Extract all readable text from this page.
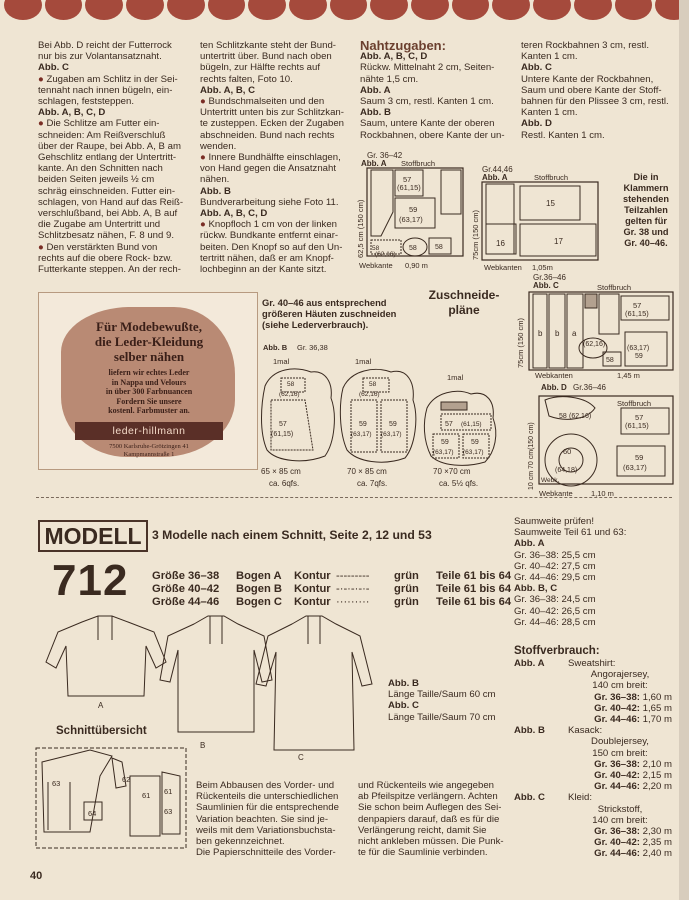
Bei Abb. D reicht der Futterrock

nur bis zur Volantansatznaht.

Abb. C

● Zugaben am Schlitz in der Sei-

tennaht nach innen bügeln, ein-

schlagen, feststeppen.

Abb. A, B, C, D

● Die Schlitze am Futter ein-

schneiden: Am Reißverschluß

über der Raupe, bei Abb. A, B am

Gehschlitz entlang der Untertritt-

kante. An den Schnitten nach

beiden Seiten jeweils ½ cm

schräg einschneiden. Futter ein-

schlagen, von Hand auf das Reiß-

verschlußband, bei Abb. A, B auf

die Zugabe am Untertritt und

Schlitzbesatz nähen, F. 8 und 9.

● Den verstärkten Bund von

rechts auf die obere Rock- bzw.

Futterkante steppen. An der rech-

ten Schlitzkante steht der Bund-

untertritt über. Bund nach oben

bügeln, zur Hälfte rechts auf

rechts falten, Foto 10.

Abb. A, B, C

● Bundschmalseiten und den

Untertritt unten bis zur Schlitzkan-

te zusteppen. Ecken der Zugaben

abschneiden. Bund nach rechts

wenden.

● Innere Bundhälfte einschlagen,

von Hand gegen die Ansatznaht

nähen.

Abb. B

Bundverarbeitung siehe Foto 11.

Abb. A, B, C, D

● Knopfloch 1 cm von der linken

rückw. Bundkante entfernt einar-

beiten. Den Knopf so auf den Un-

tertritt nähen, daß er am Knopf-

lochbeginn an der Kante sitzt.

Nahtzugaben:

Abb. A, B, C, D

Rückw. Mittelnaht 2 cm, Seiten-

nähte 1,5 cm.

Abb. A

Saum 3 cm, restl. Kanten 1 cm.

Abb. B

Saum, untere Kante der oberen

Rockbahnen, obere Kante der un-

teren Rockbahnen 3 cm, restl.

Kanten 1 cm.

Abb. C

Untere Kante der Rockbahnen,

Saum und obere Kante der Stoff-

bahnen für den Plissee 3 cm, restl.

Kanten 1 cm.

Abb. D

Restl. Kanten 1 cm.

Die in
Klammern
stehenden
Teilzahlen
gelten für
Gr. 38 und
Gr. 40–46.
Gr. 36–42
Abb. A Stoffbruch
57
(61,15)
59
(63,17)
58
(62,16)
58	58
62,5 cm (150 cm)
Webkante 0,90 m
Gr.44,46
Abb. A	Stoffbruch
15
16	17
75cm (150 cm)
Webkanten 1,05m
Für Modebewußte,
die Leder-Kleidung
selber nähen
liefern wir echtes Leder
in Nappa und Velours
in über 300 Farbnuancen
Fordern Sie unsere
kostenl. Farbmuster an.
leder-hillmann
7500 Karlsruhe-Grötzingen 41
Kampmannstraße 1
Gr. 40–46 aus entsprechend
größeren Häuten zuschneiden
(siehe Lederverbrauch).
Zuschneide-
pläne
Abb. B Gr. 36,38
1mal
58
(62,16)
57
(61,15)
65 × 85 cm
ca. 6qfs.
1mal
58
(62,16)
59
(63,17)
59
(63,17)
70 × 85 cm
ca. 7qfs.
1mal
57 (61,15)
59
(63,17)
59
(63,17)
70 ×70 cm
ca. 5½ qfs.
Gr.36–46
Abb. C	Stoffbruch
b b a
57
(61,15)
(62,16)
58
(63,17)
59
75cm (150 cm)
Webkanten	1,45 m
Abb. D Gr.36–46
Stoffbruch
58 (62,16)	57
(61,15)
60
(64,18)
59
(63,17)
Webk.
10 cm 70 cm(150 cm)
Webkante 1,10 m
MODELL
712
3 Modelle nach einem Schnitt, Seite 2, 12 und 53
Größe 36–38 Bogen A Kontur --------- grün Teile 61 bis 64
Größe 40–42 Bogen B Kontur -·-·-·-·- grün Teile 61 bis 64
Größe 44–46 Bogen C Kontur ········· grün Teile 61 bis 64
A
B
C

Abb. B

Länge Taille/Saum 60 cm

Abb. C

Länge Taille/Saum 70 cm

Schnittübersicht
63	62
64
61 61
63
Beim Abbausen des Vorder- und
Rückenteils die unterschiedlichen
Saumlinien für die entsprechende
Variation beachten. Sie sind je-
weils mit dem Variationsbuchsta-
ben gekennzeichnet.
Die Papierschnitteile des Vorder-
und Rückenteils wie angegeben
ab Pfeilspitze verlängern. Achten
Sie schon beim Auflegen des Sei-
denpapiers darauf, daß es für die
Verlängerung reicht, damit Sie
nicht ankleben müssen. Die Punk-
te für die Saumlinie verbinden.

Saumweite prüfen!

Saumweite Teil 61 und 63:

Abb. A

Gr. 36–38: 25,5 cm

Gr. 40–42: 27,5 cm

Gr. 44–46: 29,5 cm

Abb. B, C

Gr. 36–38: 24,5 cm

Gr. 40–42: 26,5 cm

Gr. 44–46: 28,5 cm

Stoffverbrauch:
Abb. A	Sweatshirt:
Angorajersey,
140 cm breit:
Gr. 36–38: 1,60 m
Gr. 40–42: 1,65 m
Gr. 44–46: 1,70 m
Abb. B	Kasack:
Doublejersey,
150 cm breit:
Gr. 36–38: 2,10 m
Gr. 40–42: 2,15 m
Gr. 44–46: 2,20 m
Abb. C	Kleid:
Strickstoff,
140 cm breit:
Gr. 36–38: 2,30 m
Gr. 40–42: 2,35 m
Gr. 44–46: 2,40 m
40
